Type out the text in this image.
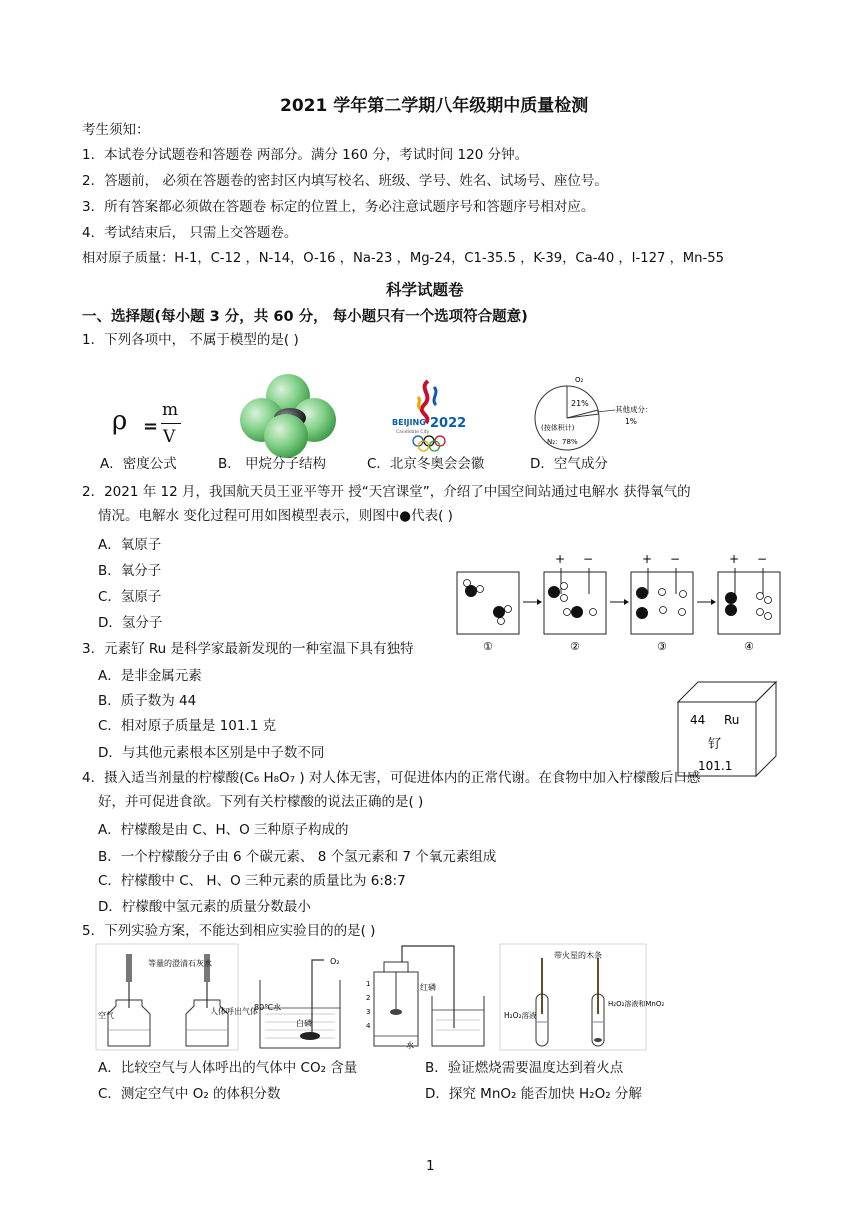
2021 学年第二学期八年级期中质量检测
考生须知：
1．本试卷分试题卷和答题卷 两部分。满分 160 分，考试时间 120 分钟。
2．答题前， 必须在答题卷的密封区内填写校名、班级、学号、姓名、试场号、座位号。
3．所有答案都必须做在答题卷 标定的位置上，务必注意试题序号和答题序号相对应。
4．考试结束后， 只需上交答题卷。
相对原子质量：H-1，C-12 ，N-14，O-16 ，Na-23 ，Mg-24，C1-35.5 ，K-39，Ca-40 ，I-127 ，Mn-55
科学试题卷
一、选择题(每小题 3 分，共 60 分， 每小题只有一个选项符合题意)
1．下列各项中， 不属于模型的是( )
ρ =
m
V
BEIJING 2022
Candidate City
O₂
21%
其他成分：
1%
(按体积计)
N₂：78%
A．密度公式	B． 甲烷分子结构	C．北京冬奥会会徽	D．空气成分
2．2021 年 12 月，我国航天员王亚平等开 授“天宫课堂”，介绍了中国空间站通过电解水 获得氧气的
情况。电解水 变化过程可用如图模型表示，则图中●代表( )
A．氧原子
B．氧分子
C．氢原子
D．氢分子
+ −	+ −	+ −
①	②	③	④
3．元素钌 Ru 是科学家最新发现的一种室温下具有独特
A．是非金属元素
B．质子数为 44
C．相对原子质量是 101.1 克
D．与其他元素根本区别是中子数不同
44 Ru
钌
101.1
4．摄入适当剂量的柠檬酸(C₆ H₈O₇ ) 对人体无害，可促进体内的正常代谢。在食物中加入柠檬酸后口感
好，并可促进食欲。下列有关柠檬酸的说法正确的是( )
A．柠檬酸是由 C、H、O 三种原子构成的
B．一个柠檬酸分子由 6 个碳元素、 8 个氢元素和 7 个氧元素组成
C．柠檬酸中 C、 H、O 三种元素的质量比为 6:8:7
D．柠檬酸中氢元素的质量分数最小
5．下列实验方案，不能达到相应实验目的的是( )
空气
等量的澄清石灰水
人体呼出气体
O₂
80℃水
白磷
1
2
3
4
红磷
水
带火星的木条
H₂O₂溶液
H₂O₂溶液和MnO₂
A．比较空气与人体呼出的气体中 CO₂ 含量	B．验证燃烧需要温度达到着火点
C．测定空气中 O₂ 的体积分数	D．探究 MnO₂ 能否加快 H₂O₂ 分解
1
